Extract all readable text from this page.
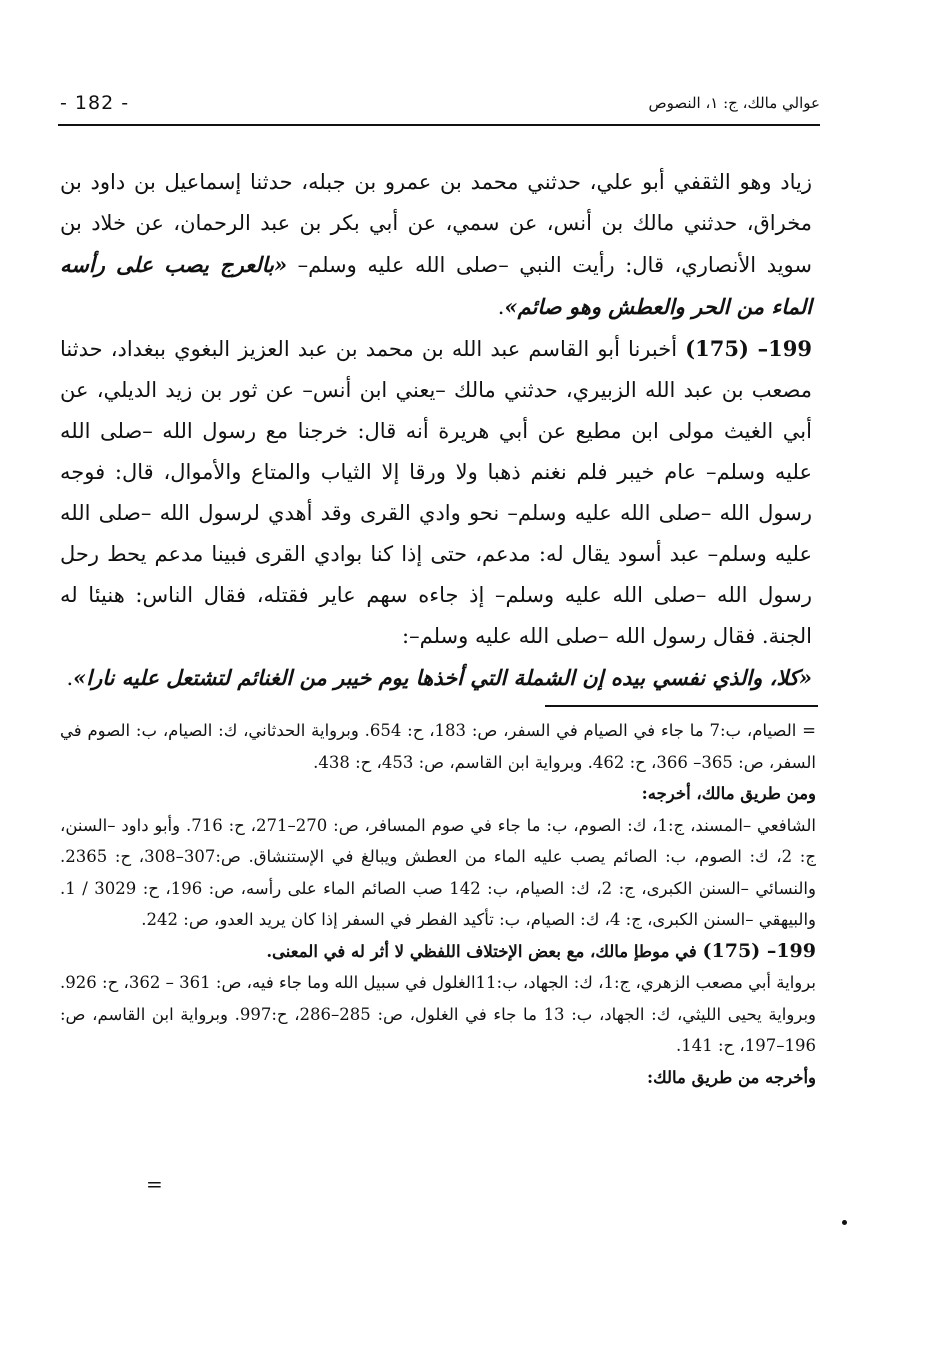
- 182 -	عوالي مالك، ج: ١، النصوص

زياد وهو الثقفي أبو علي، حدثني محمد بن عمرو بن جبله، حدثنا إسماعيل بن داود بن مخراق، حدثني مالك بن أنس، عن سمي، عن أبي بكر بن عبد الرحمان، عن خلاد بن سويد الأنصاري، قال: رأيت النبي –صلى الله عليه وسلم– «بالعرج يصب على رأسه الماء من الحر والعطش وهو صائم».

199– (175) أخبرنا أبو القاسم عبد الله بن محمد بن عبد العزيز البغوي ببغداد، حدثنا مصعب بن عبد الله الزبيري، حدثني مالك –يعني ابن أنس– عن ثور بن زيد الديلي، عن أبي الغيث مولى ابن مطيع عن أبي هريرة أنه قال: خرجنا مع رسول الله –صلى الله عليه وسلم– عام خيبر فلم نغنم ذهبا ولا ورقا إلا الثياب والمتاع والأموال، قال: فوجه رسول الله –صلى الله عليه وسلم– نحو وادي القرى وقد أهدي لرسول الله –صلى الله عليه وسلم– عبد أسود يقال له: مدعم، حتى إذا كنا بوادي القرى فبينا مدعم يحط رحل رسول الله –صلى الله عليه وسلم– إذ جاءه سهم عاير فقتله، فقال الناس: هنيئا له الجنة. فقال رسول الله –صلى الله عليه وسلم–:

«كلا، والذي نفسي بيده إن الشملة التي أخذها يوم خيبر من الغنائم لتشتعل عليه نارا».

= الصيام، ب:7 ما جاء في الصيام في السفر، ص: 183، ح: 654. وبرواية الحدثاني، ك: الصيام، ب: الصوم في السفر، ص: 365– 366، ح: 462. وبرواية ابن القاسم، ص: 453، ح: 438.

ومن طريق مالك، أخرجه:

الشافعي –المسند، ج:1، ك: الصوم، ب: ما جاء في صوم المسافر، ص: 270–271، ح: 716. وأبو داود –السنن، ج: 2، ك: الصوم، ب: الصائم يصب عليه الماء من العطش ويبالغ في الإستنشاق. ص:307–308، ح: 2365. والنسائي –السنن الكبرى، ج: 2، ك: الصيام، ب: 142 صب الصائم الماء على رأسه، ص: 196، ح: 3029 / 1. والبيهقي –السنن الكبرى، ج: 4، ك: الصيام، ب: تأكيد الفطر في السفر إذا كان يريد العدو، ص: 242.

199– (175) في موطإ مالك، مع بعض الإختلاف اللفظي لا أثر له في المعنى.

برواية أبي مصعب الزهري، ج:1، ك: الجهاد، ب:11الغلول في سبيل الله وما جاء فيه، ص: 361 – 362، ح: 926. وبرواية يحيى الليثي، ك: الجهاد، ب: 13 ما جاء في الغلول، ص: 285–286، ح:997. وبرواية ابن القاسم، ص: 196–197، ح: 141.

وأخرجه من طريق مالك:

=
